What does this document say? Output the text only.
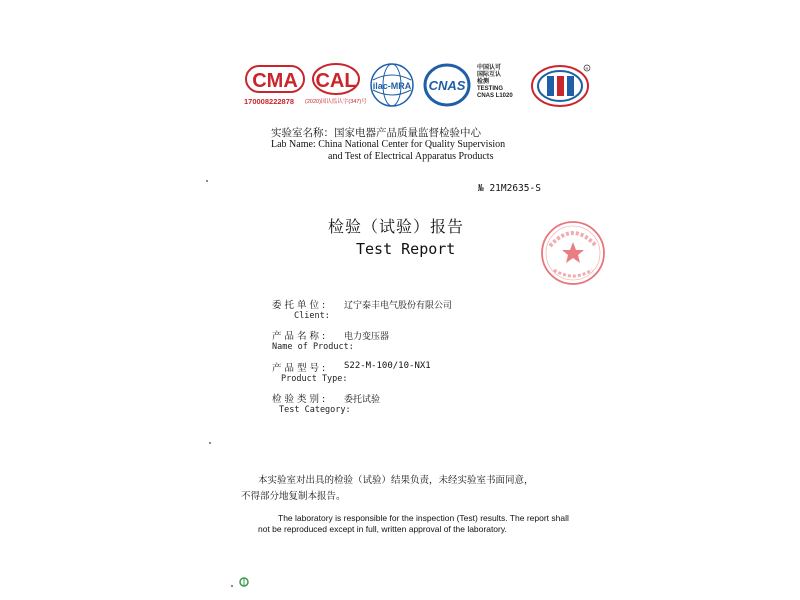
CMA
170008222878
CAL
(2020)国认监认字(347)号
ilac-MRA CNAS
中国认可
国际互认
检测
TESTING
CNAS L1020
R
实验室名称：国家电器产品质量监督检验中心
Lab Name: China National Center for Quality Supervision
and Test of Electrical Apparatus Products
№ 21M2635-S
检验（试验）报告
Test Report
委托单位: 辽宁泰丰电气股份有限公司
Client:
产品名称: 电力变压器
Name of Product:
产品型号: S22-M-100/10-NX1
Product Type:
检验类别: 委托试验
Test Category:
本实验室对出具的检验（试验）结果负责，未经实验室书面同意，
不得部分地复制本报告。
The laboratory is responsible for the inspection (Test) results. The report shall
not be reproduced except in full, written approval of the laboratory.
